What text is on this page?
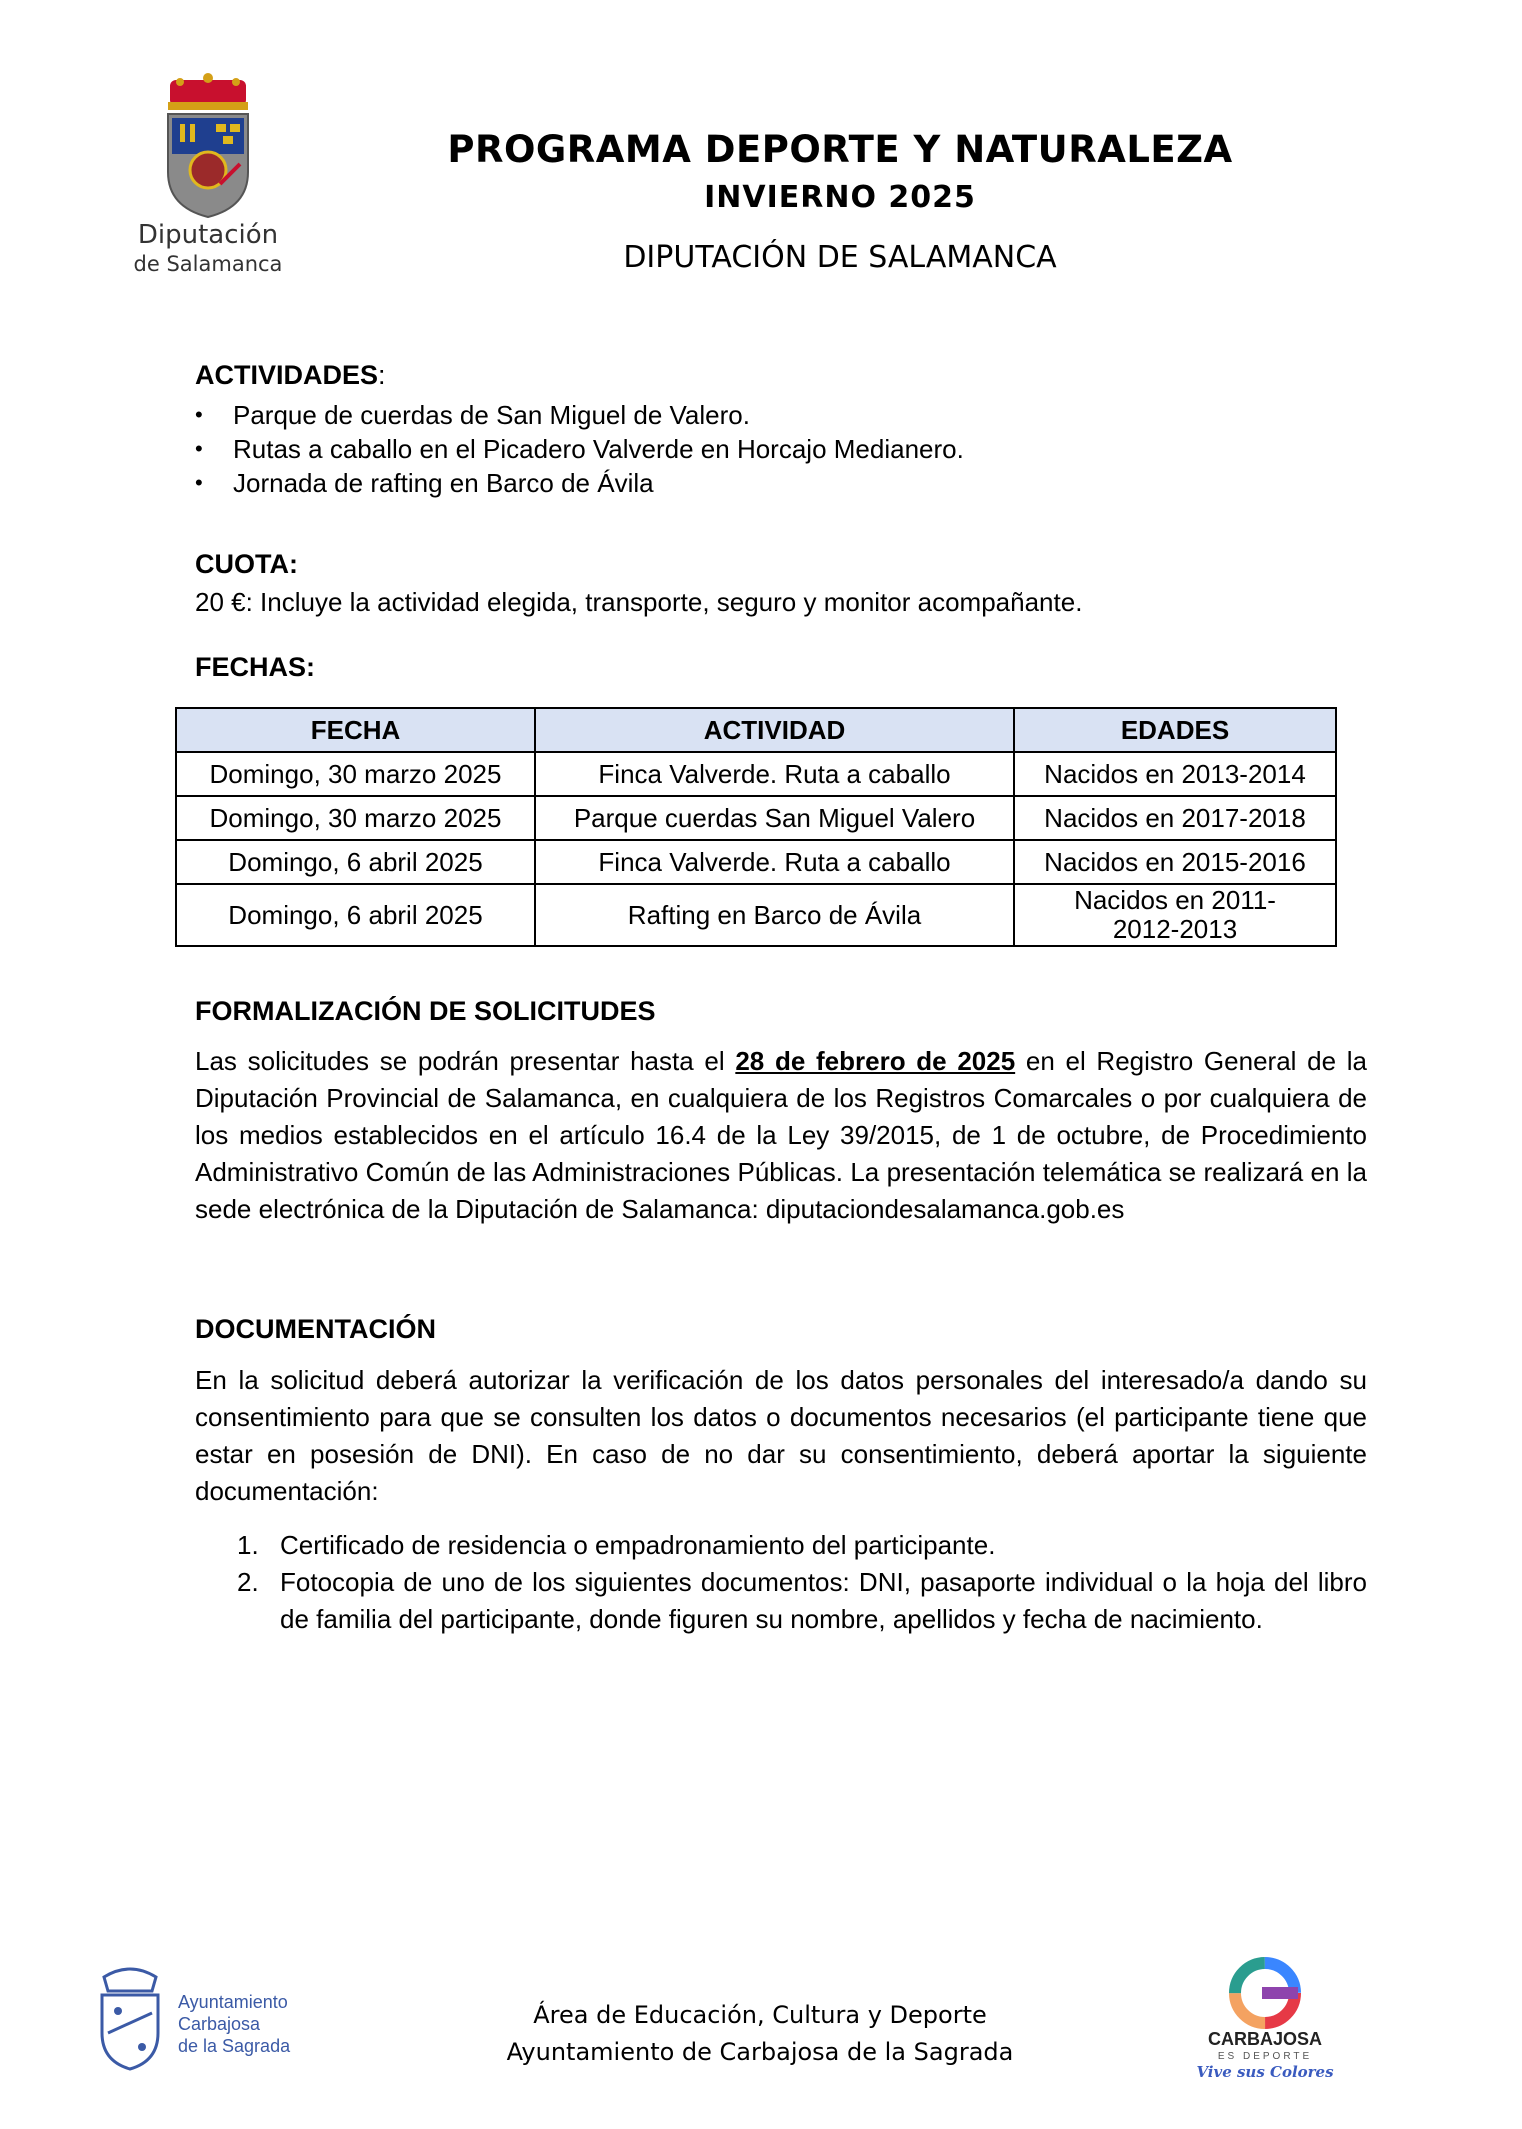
Diputación
de Salamanca
PROGRAMA DEPORTE Y NATURALEZA
INVIERNO 2025
DIPUTACIÓN DE SALAMANCA
ACTIVIDADES:
• Parque de cuerdas de San Miguel de Valero.
• Rutas a caballo en el Picadero Valverde en Horcajo Medianero.
• Jornada de rafting en Barco de Ávila
CUOTA:
20 €: Incluye la actividad elegida, transporte, seguro y monitor acompañante.
FECHAS:
FECHA	ACTIVIDAD	EDADES
Domingo, 30 marzo 2025	Finca Valverde. Ruta a caballo	Nacidos en 2013-2014
Domingo, 30 marzo 2025	Parque cuerdas San Miguel Valero	Nacidos en 2017-2018
Domingo, 6 abril 2025	Finca Valverde. Ruta a caballo	Nacidos en 2015-2016
Domingo, 6 abril 2025	Rafting en Barco de Ávila	Nacidos en 2011-2012-2013
FORMALIZACIÓN DE SOLICITUDES
Las solicitudes se podrán presentar hasta el 28 de febrero de 2025 en el Registro General de la Diputación Provincial de Salamanca, en cualquiera de los Registros Comarcales o por cualquiera de los medios establecidos en el artículo 16.4 de la Ley 39/2015, de 1 de octubre, de Procedimiento Administrativo Común de las Administraciones Públicas. La presentación telemática se realizará en la sede electrónica de la Diputación de Salamanca: diputaciondesalamanca.gob.es
DOCUMENTACIÓN
En la solicitud deberá autorizar la verificación de los datos personales del interesado/a dando su consentimiento para que se consulten los datos o documentos necesarios (el participante tiene que estar en posesión de DNI). En caso de no dar su consentimiento, deberá aportar la siguiente documentación:
1. Certificado de residencia o empadronamiento del participante.
2. Fotocopia de uno de los siguientes documentos: DNI, pasaporte individual o la hoja del libro de familia del participante, donde figuren su nombre, apellidos y fecha de nacimiento.
Ayuntamiento
Carbajosa
de la Sagrada
Área de Educación, Cultura y Deporte
Ayuntamiento de Carbajosa de la Sagrada	CARBAJOSA
ES DEPORTE
Vive sus Colores
